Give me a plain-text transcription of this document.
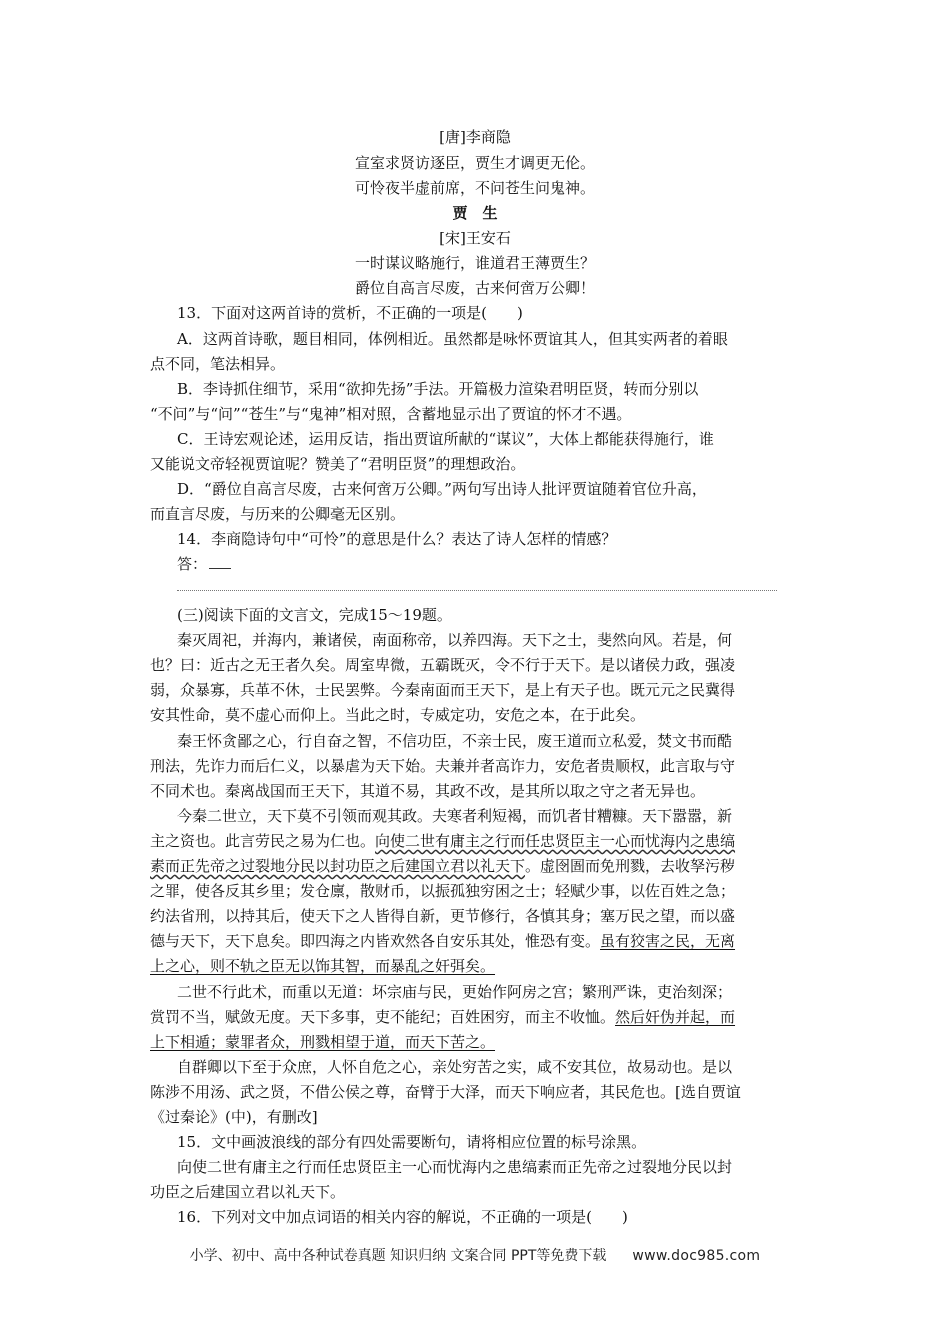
[唐]李商隐
宣室求贤访逐臣，贾生才调更无伦。
可怜夜半虚前席，不问苍生问鬼神。
贾　生
[宋]王安石
一时谋议略施行，谁道君王薄贾生？
爵位自高言尽废，古来何啻万公卿！
13．下面对这两首诗的赏析，不正确的一项是(　　)
A．这两首诗歌，题目相同，体例相近。虽然都是咏怀贾谊其人，但其实两者的着眼
点不同，笔法相异。
B．李诗抓住细节，采用“欲抑先扬”手法。开篇极力渲染君明臣贤，转而分别以
“不问”与“问”“苍生”与“鬼神”相对照，含蓄地显示出了贾谊的怀才不遇。
C．王诗宏观论述，运用反诘，指出贾谊所献的“谋议”，大体上都能获得施行，谁
又能说文帝轻视贾谊呢？赞美了“君明臣贤”的理想政治。
D．“爵位自高言尽废，古来何啻万公卿。”两句写出诗人批评贾谊随着官位升高，
而直言尽废，与历来的公卿毫无区别。
14．李商隐诗句中“可怜”的意思是什么？表达了诗人怎样的情感？
答：
(三)阅读下面的文言文，完成15～19题。
秦灭周祀，并海内，兼诸侯，南面称帝，以养四海。天下之士，斐然向风。若是，何
也？曰：近古之无王者久矣。周室卑微，五霸既灭，令不行于天下。是以诸侯力政，强凌
弱，众暴寡，兵革不休，士民罢弊。今秦南面而王天下，是上有天子也。既元元之民冀得
安其性命，莫不虚心而仰上。当此之时，专威定功，安危之本，在于此矣。
秦王怀贪鄙之心，行自奋之智，不信功臣，不亲士民，废王道而立私爱，焚文书而酷
刑法，先诈力而后仁义，以暴虐为天下始。夫兼并者高诈力，安危者贵顺权，此言取与守
不同术也。秦离战国而王天下，其道不易，其政不改，是其所以取之守之者无异也。
今秦二世立，天下莫不引领而观其政。夫寒者利短褐，而饥者甘糟糠。天下嚣嚣，新
主之资也。此言劳民之易为仁也。向使二世有庸主之行而任忠贤臣主一心而忧海内之患缟
素而正先帝之过裂地分民以封功臣之后建国立君以礼天下。虚囹圄而免刑戮，去收孥污秽
之罪，使各反其乡里；发仓廪，散财币，以振孤独穷困之士；轻赋少事，以佐百姓之急；
约法省刑，以持其后，使天下之人皆得自新，更节修行，各慎其身；塞万民之望，而以盛
德与天下，天下息矣。即四海之内皆欢然各自安乐其处，惟恐有变。虽有狡害之民，无离
上之心，则不轨之臣无以饰其智，而暴乱之奸弭矣。
二世不行此术，而重以无道：坏宗庙与民，更始作阿房之宫；繁刑严诛，吏治刻深；
赏罚不当，赋敛无度。天下多事，吏不能纪；百姓困穷，而主不收恤。然后奸伪并起，而
上下相遁；蒙罪者众，刑戮相望于道，而天下苦之。
自群卿以下至于众庶，人怀自危之心，亲处穷苦之实，咸不安其位，故易动也。是以
陈涉不用汤、武之贤，不借公侯之尊，奋臂于大泽，而天下响应者，其民危也。[选自贾谊
《过秦论》(中)，有删改]
15．文中画波浪线的部分有四处需要断句，请将相应位置的标号涂黑。
向使二世有庸主之行而任忠贤臣主一心而忧海内之患缟素而正先帝之过裂地分民以封
功臣之后建国立君以礼天下。
16．下列对文中加点词语的相关内容的解说，不正确的一项是(　　)
小学、初中、高中各种试卷真题 知识归纳 文案合同 PPT等免费下载 www.doc985.com
